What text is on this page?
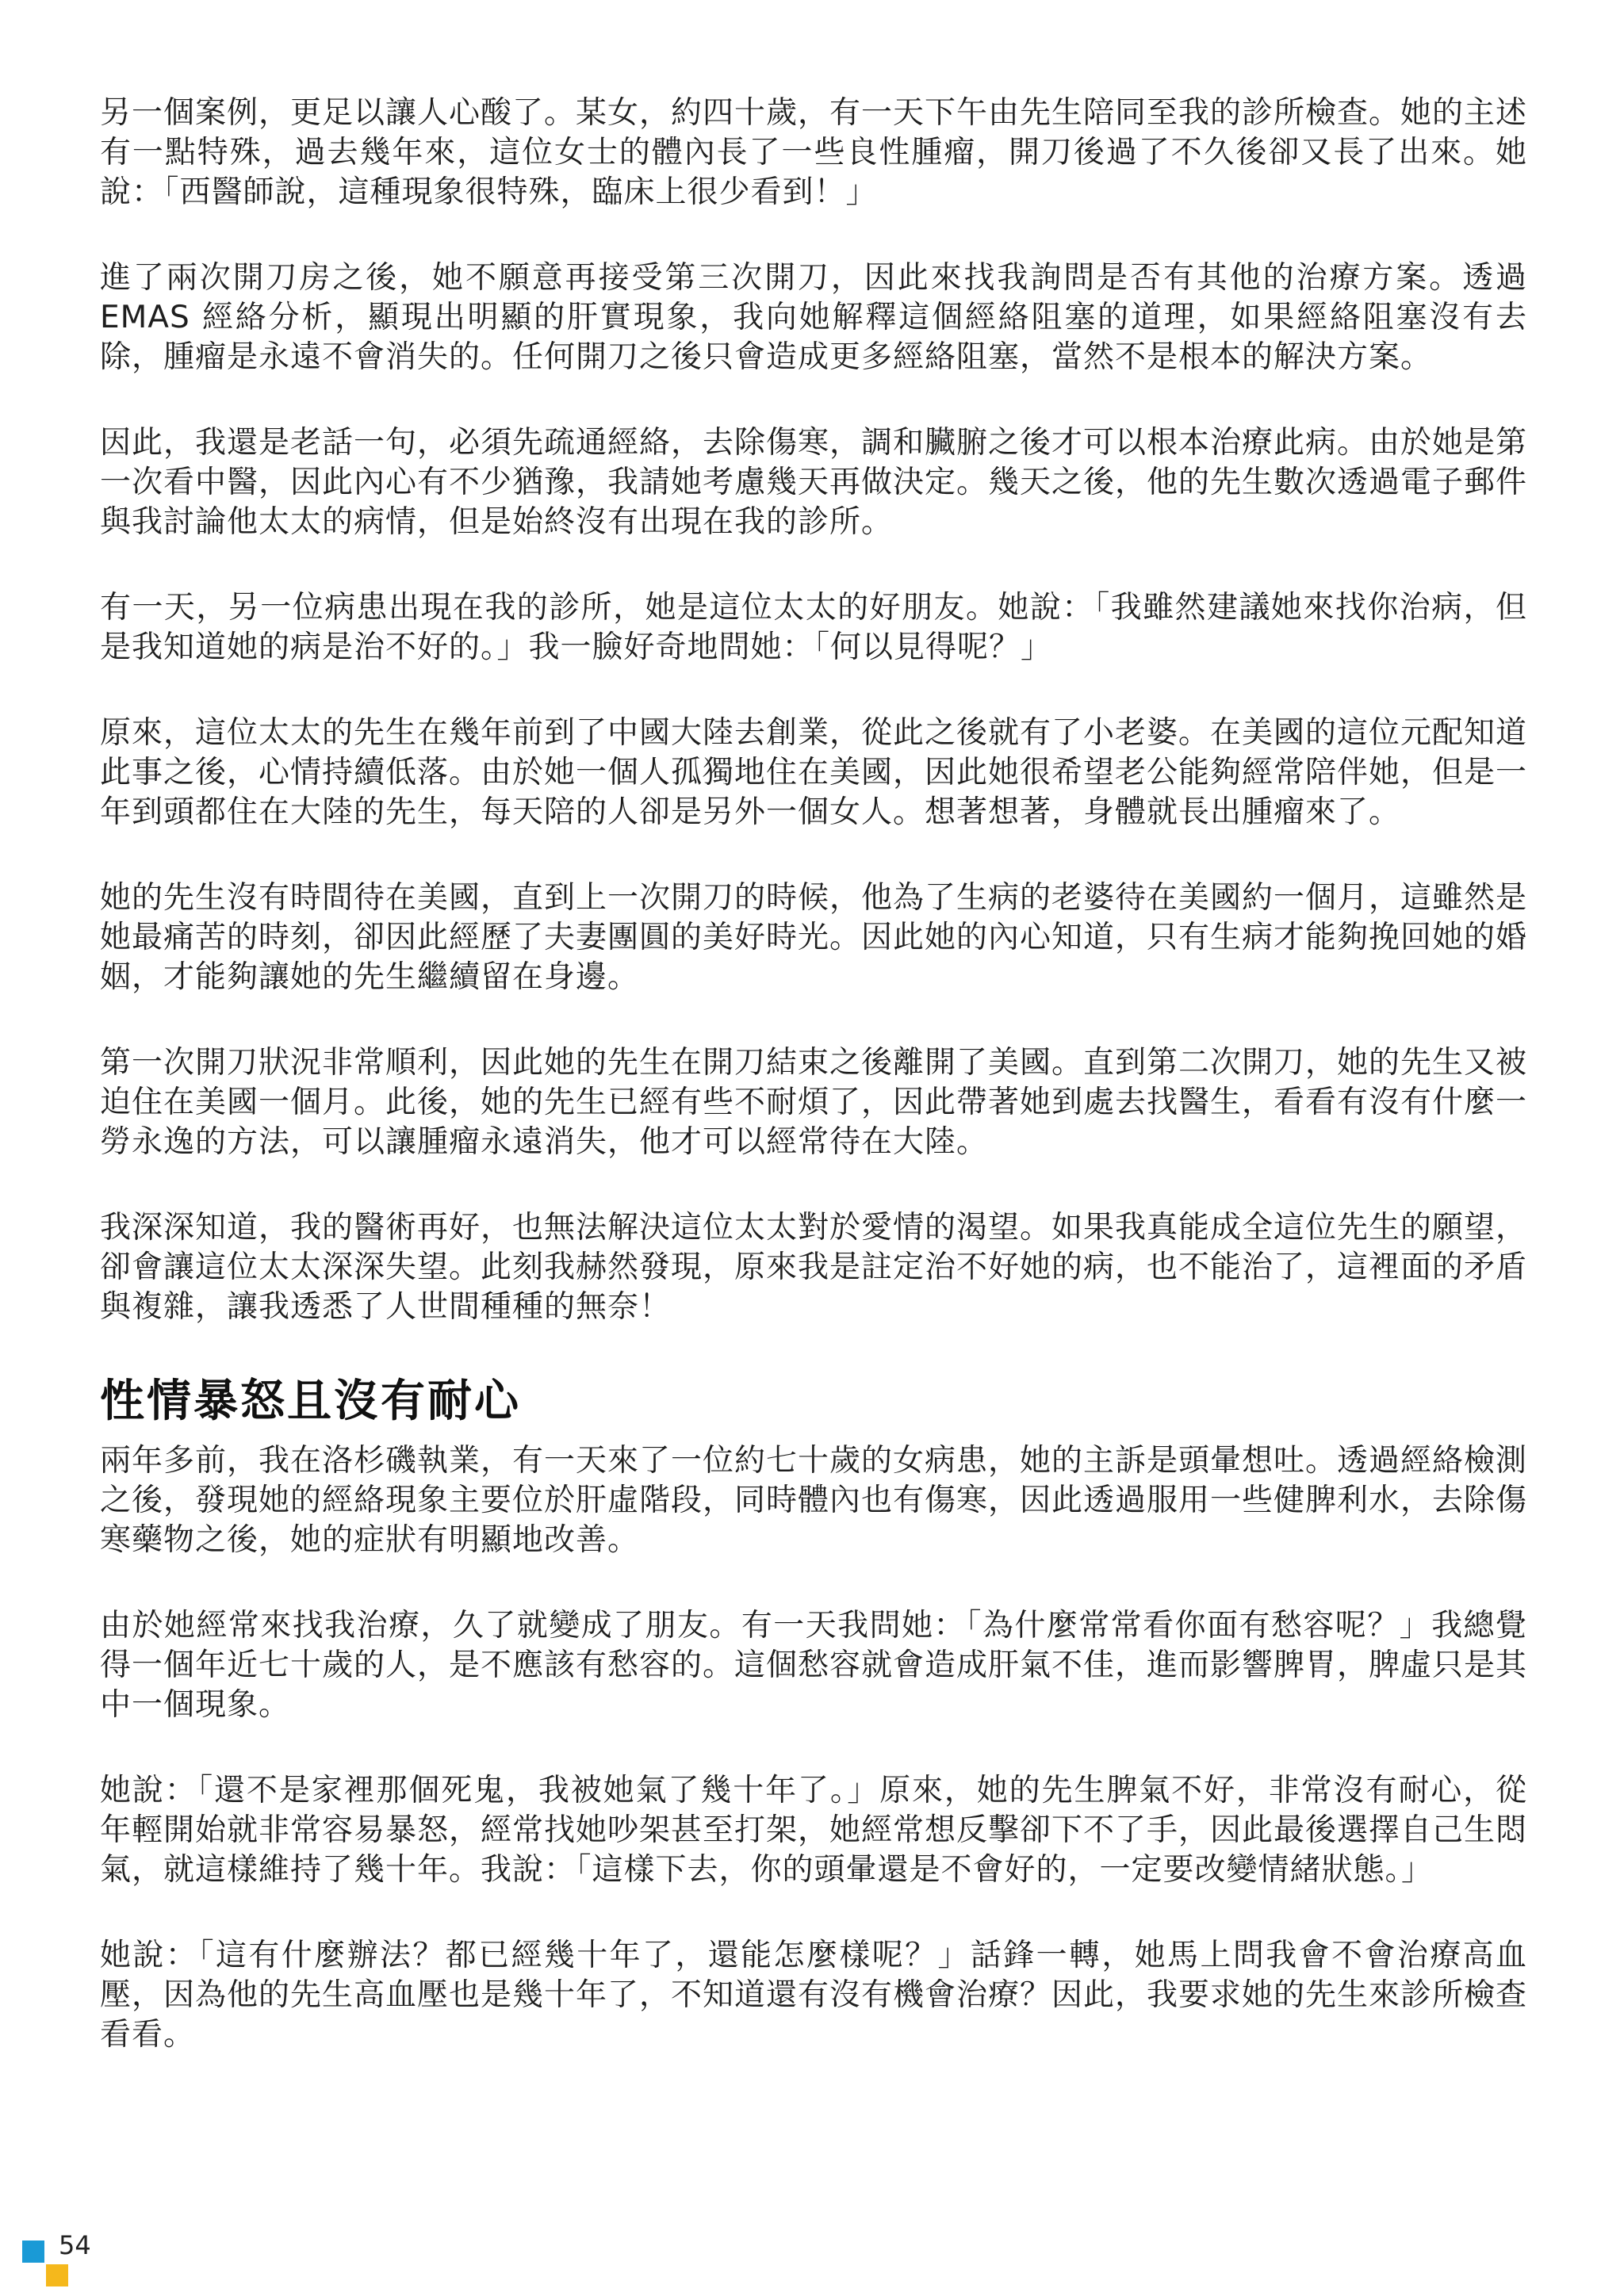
另一個案例，更足以讓人心酸了。某女，約四十歲，有一天下午由先生陪同至我的診所檢查。她的主述有一點特殊，過去幾年來，這位女士的體內長了一些良性腫瘤，開刀後過了不久後卻又長了出來。她說：「西醫師說，這種現象很特殊，臨床上很少看到！」

進了兩次開刀房之後，她不願意再接受第三次開刀，因此來找我詢問是否有其他的治療方案。透過EMAS 經絡分析，顯現出明顯的肝實現象，我向她解釋這個經絡阻塞的道理，如果經絡阻塞沒有去除，腫瘤是永遠不會消失的。任何開刀之後只會造成更多經絡阻塞，當然不是根本的解決方案。

因此，我還是老話一句，必須先疏通經絡，去除傷寒，調和臟腑之後才可以根本治療此病。由於她是第一次看中醫，因此內心有不少猶豫，我請她考慮幾天再做決定。幾天之後，他的先生數次透過電子郵件與我討論他太太的病情，但是始終沒有出現在我的診所。

有一天，另一位病患出現在我的診所，她是這位太太的好朋友。她說：「我雖然建議她來找你治病，但是我知道她的病是治不好的。」我一臉好奇地問她：「何以見得呢？」

原來，這位太太的先生在幾年前到了中國大陸去創業，從此之後就有了小老婆。在美國的這位元配知道此事之後，心情持續低落。由於她一個人孤獨地住在美國，因此她很希望老公能夠經常陪伴她，但是一年到頭都住在大陸的先生，每天陪的人卻是另外一個女人。想著想著，身體就長出腫瘤來了。

她的先生沒有時間待在美國，直到上一次開刀的時候，他為了生病的老婆待在美國約一個月，這雖然是她最痛苦的時刻，卻因此經歷了夫妻團圓的美好時光。因此她的內心知道，只有生病才能夠挽回她的婚姻，才能夠讓她的先生繼續留在身邊。

第一次開刀狀況非常順利，因此她的先生在開刀結束之後離開了美國。直到第二次開刀，她的先生又被迫住在美國一個月。此後，她的先生已經有些不耐煩了，因此帶著她到處去找醫生，看看有沒有什麼一勞永逸的方法，可以讓腫瘤永遠消失，他才可以經常待在大陸。

我深深知道，我的醫術再好，也無法解決這位太太對於愛情的渴望。如果我真能成全這位先生的願望，卻會讓這位太太深深失望。此刻我赫然發現，原來我是註定治不好她的病，也不能治了，這裡面的矛盾與複雜，讓我透悉了人世間種種的無奈！

性情暴怒且沒有耐心

兩年多前，我在洛杉磯執業，有一天來了一位約七十歲的女病患，她的主訴是頭暈想吐。透過經絡檢測之後，發現她的經絡現象主要位於肝虛階段，同時體內也有傷寒，因此透過服用一些健脾利水，去除傷寒藥物之後，她的症狀有明顯地改善。

由於她經常來找我治療，久了就變成了朋友。有一天我問她：「為什麼常常看你面有愁容呢？」我總覺得一個年近七十歲的人，是不應該有愁容的。這個愁容就會造成肝氣不佳，進而影響脾胃，脾虛只是其中一個現象。

她說：「還不是家裡那個死鬼，我被她氣了幾十年了。」原來，她的先生脾氣不好，非常沒有耐心，從年輕開始就非常容易暴怒，經常找她吵架甚至打架，她經常想反擊卻下不了手，因此最後選擇自己生悶氣，就這樣維持了幾十年。我說：「這樣下去，你的頭暈還是不會好的，一定要改變情緒狀態。」

她說：「這有什麼辦法？都已經幾十年了，還能怎麼樣呢？」話鋒一轉，她馬上問我會不會治療高血壓，因為他的先生高血壓也是幾十年了，不知道還有沒有機會治療？因此，我要求她的先生來診所檢查看看。

54
